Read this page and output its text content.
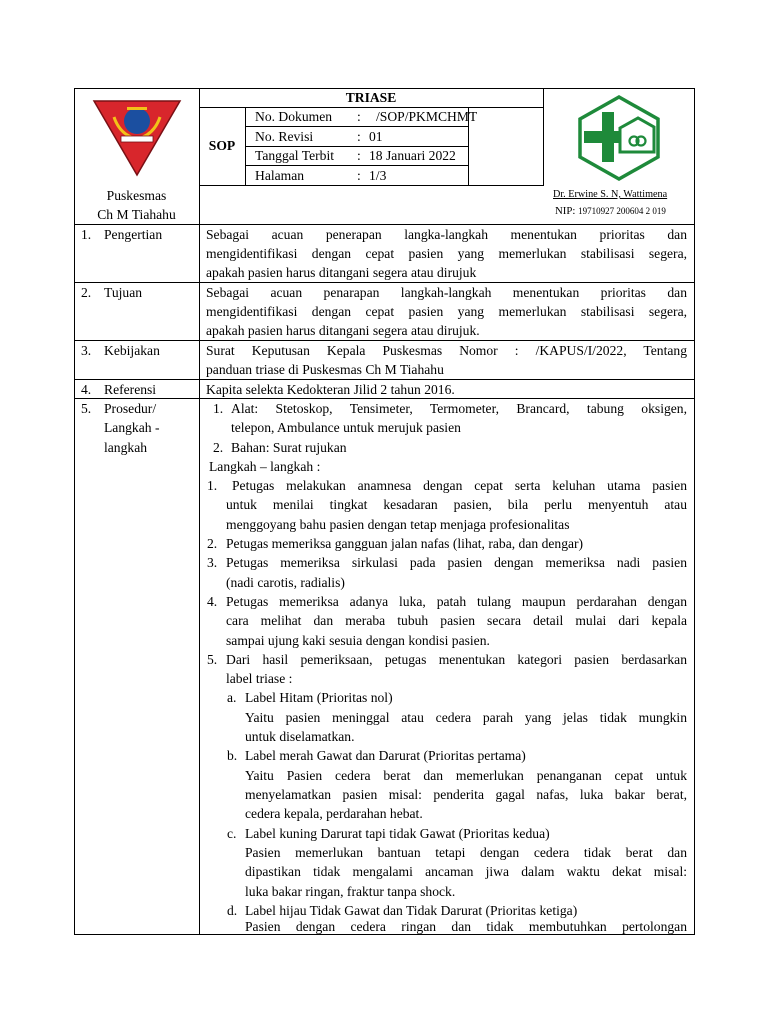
TRIASE
SOP
No. Dokumen : /SOP/PKMCHMT
No. Revisi	: 01
Tanggal Terbit : 18 Januari 2022
Halaman	: 1/3
Puskesmas
Ch M Tiahahu
Dr. Erwine S. N, Wattimena
NIP: 19710927 200604 2 019
1. Pengertian
2. Tujuan
3. Kebijakan
4. Referensi
5. Prosedur/
Langkah -
langkah
Sebagai acuan penerapan langka-langkah menentukan prioritas dan
mengidentifikasi dengan cepat pasien yang memerlukan stabilisasi segera,
apakah pasien harus ditangani segera atau dirujuk
Sebagai acuan penarapan langkah-langkah menentukan prioritas dan
mengidentifikasi dengan cepat pasien yang memerlukan stabilisasi segera,
apakah pasien harus ditangani segera atau dirujuk.
Surat Keputusan Kepala Puskesmas Nomor : /KAPUS/I/2022, Tentang
panduan triase di Puskesmas Ch M Tiahahu
Kapita selekta Kedokteran Jilid 2 tahun 2016.
1. Alat: Stetoskop, Tensimeter, Termometer, Brancard, tabung oksigen,
telepon, Ambulance untuk merujuk pasien
2. Bahan: Surat rujukan
Langkah – langkah :
1. Petugas melakukan anamnesa dengan cepat serta keluhan utama pasien
untuk menilai tingkat kesadaran pasien, bila perlu menyentuh atau
menggoyang bahu pasien dengan tetap menjaga profesionalitas
2. Petugas memeriksa gangguan jalan nafas (lihat, raba, dan dengar)
3. Petugas memeriksa sirkulasi pada pasien dengan memeriksa nadi pasien
(nadi carotis, radialis)
4. Petugas memeriksa adanya luka, patah tulang maupun perdarahan dengan
cara melihat dan meraba tubuh pasien secara detail mulai dari kepala
sampai ujung kaki sesuia dengan kondisi pasien.
5. Dari hasil pemeriksaan, petugas menentukan kategori pasien berdasarkan
label triase :
a. Label Hitam (Prioritas nol)
Yaitu pasien meninggal atau cedera parah yang jelas tidak mungkin
untuk diselamatkan.
b. Label merah Gawat dan Darurat (Prioritas pertama)
Yaitu Pasien cedera berat dan memerlukan penanganan cepat untuk
menyelamatkan pasien misal: penderita gagal nafas, luka bakar berat,
cedera kepala, perdarahan hebat.
c. Label kuning Darurat tapi tidak Gawat (Prioritas kedua)
Pasien memerlukan bantuan tetapi dengan cedera tidak berat dan
dipastikan tidak mengalami ancaman jiwa dalam waktu dekat misal:
luka bakar ringan, fraktur tanpa shock.
d. Label hijau Tidak Gawat dan Tidak Darurat (Prioritas ketiga)
Pasien dengan cedera ringan dan tidak membutuhkan pertolongan
